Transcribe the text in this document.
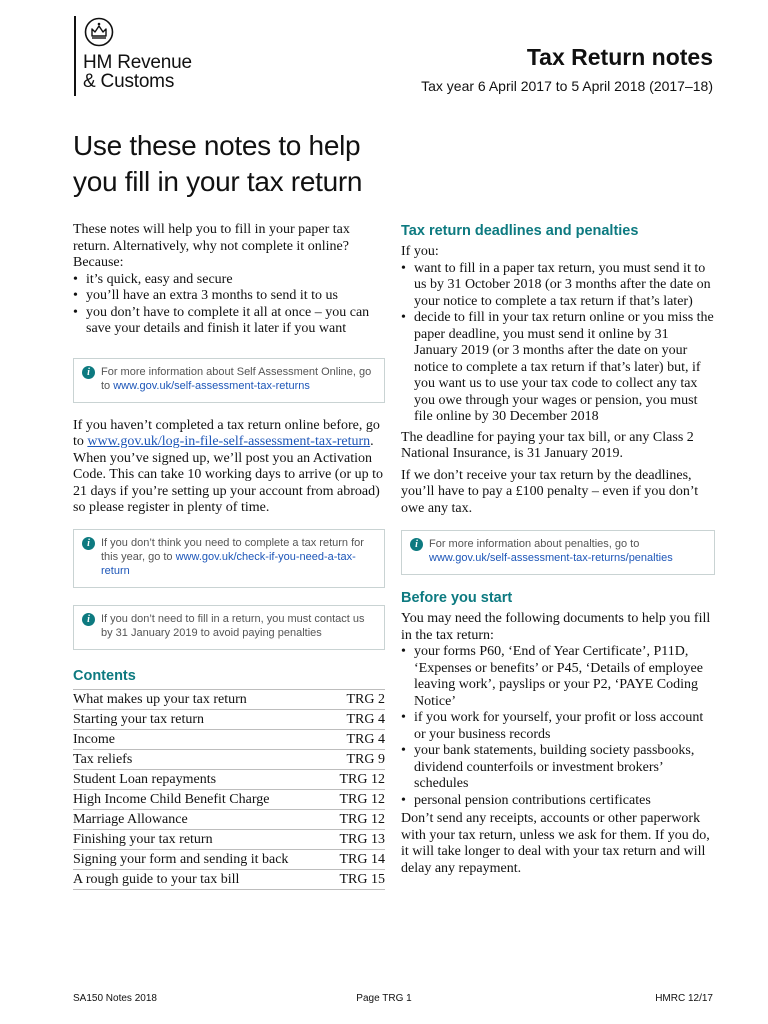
HM Revenue
& Customs
Tax Return notes
Tax year 6 April 2017 to 5 April 2018 (2017–18)
Use these notes to help you fill in your tax return

These notes will help you to fill in your paper tax return. Alternatively, why not complete it online? Because:

• it’s quick, easy and secure
• you’ll have an extra 3 months to send it to us
• you don’t have to complete it all at once – you can save your details and finish it later if you want
i	For more information about Self Assessment Online, go to www.gov.uk/self-assessment-tax-returns

If you haven’t completed a tax return online before, go to www.gov.uk/log-in-file-self-assessment-tax-return. When you’ve signed up, we’ll post you an Activation Code. This can take 10 working days to arrive (or up to 21 days if you’re setting up your account from abroad) so please register in plenty of time.

i	If you don’t think you need to complete a tax return for this year, go to www.gov.uk/check-if-you-need-a-tax-return
i	If you don’t need to fill in a return, you must contact us by 31 January 2019 to avoid paying penalties
Contents
What makes up your tax return	TRG 2
Starting your tax return	TRG 4
Income	TRG 4
Tax reliefs	TRG 9
Student Loan repayments	TRG 12
High Income Child Benefit Charge	TRG 12
Marriage Allowance	TRG 12
Finishing your tax return	TRG 13
Signing your form and sending it back	TRG 14
A rough guide to your tax bill	TRG 15
Tax return deadlines and penalties

If you:

• want to fill in a paper tax return, you must send it to us by 31 October 2018 (or 3 months after the date on your notice to complete a tax return if that’s later)
• decide to fill in your tax return online or you miss the paper deadline, you must send it online by 31 January 2019 (or 3 months after the date on your notice to complete a tax return if that’s later) but, if you want us to use your tax code to collect any tax you owe through your wages or pension, you must file online by 30 December 2018

The deadline for paying your tax bill, or any Class 2 National Insurance, is 31 January 2019.

If we don’t receive your tax return by the deadlines, you’ll have to pay a £100 penalty – even if you don’t owe any tax.

i	For more information about penalties, go to
www.gov.uk/self-assessment-tax-returns/penalties
Before you start

You may need the following documents to help you fill in the tax return:

• your forms P60, ‘End of Year Certificate’, P11D, ‘Expenses or benefits’ or P45, ‘Details of employee leaving work’, payslips or your P2, ‘PAYE Coding Notice’
• if you work for yourself, your profit or loss account or your business records
• your bank statements, building society passbooks, dividend counterfoils or investment brokers’ schedules
• personal pension contributions certificates

Don’t send any receipts, accounts or other paperwork with your tax return, unless we ask for them. If you do, it will take longer to deal with your tax return and will delay any repayment.

SA150 Notes 2018	Page TRG 1	HMRC 12/17
